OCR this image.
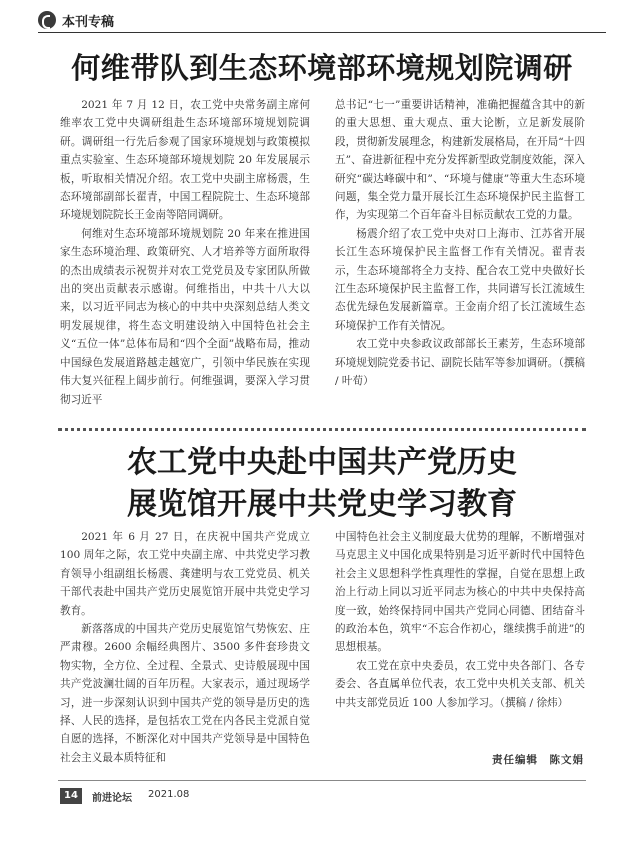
本刊专稿
何维带队到生态环境部环境规划院调研

2021 年 7 月 12 日，农工党中央常务副主席何维率农工党中央调研组赴生态环境部环境规划院调研。调研组一行先后参观了国家环境规划与政策模拟重点实验室、生态环境部环境规划院 20 年发展展示板，听取相关情况介绍。农工党中央副主席杨震，生态环境部副部长翟青，中国工程院院士、生态环境部环境规划院院长王金南等陪同调研。

何维对生态环境部环境规划院 20 年来在推进国家生态环境治理、政策研究、人才培养等方面所取得的杰出成绩表示祝贺并对农工党党员及专家团队所做出的突出贡献表示感谢。何维指出，中共十八大以来，以习近平同志为核心的中共中央深刻总结人类文明发展规律，将生态文明建设纳入中国特色社会主义“五位一体”总体布局和“四个全面”战略布局，推动中国绿色发展道路越走越宽广，引领中华民族在实现伟大复兴征程上阔步前行。何维强调，要深入学习贯彻习近平

总书记“七一”重要讲话精神，准确把握蕴含其中的新的重大思想、重大观点、重大论断，立足新发展阶段，贯彻新发展理念，构建新发展格局，在开局“十四五”、奋进新征程中充分发挥新型政党制度效能，深入研究“碳达峰碳中和”、“环境与健康”等重大生态环境问题，集全党力量开展长江生态环境保护民主监督工作，为实现第二个百年奋斗目标贡献农工党的力量。

杨震介绍了农工党中央对口上海市、江苏省开展长江生态环境保护民主监督工作有关情况。翟青表示，生态环境部将全力支持、配合农工党中央做好长江生态环境保护民主监督工作，共同谱写长江流域生态优先绿色发展新篇章。王金南介绍了长江流域生态环境保护工作有关情况。

农工党中央参政议政部部长王素芳，生态环境部环境规划院党委书记、副院长陆军等参加调研。（撰稿 / 叶荀）

农工党中央赴中国共产党历史
展览馆开展中共党史学习教育

2021 年 6 月 27 日，在庆祝中国共产党成立 100 周年之际，农工党中央副主席、中共党史学习教育领导小组副组长杨震、龚建明与农工党党员、机关干部代表赴中国共产党历史展览馆开展中共党史学习教育。

新落落成的中国共产党历史展览馆气势恢宏、庄严肃穆。2600 余幅经典图片、3500 多件套珍贵文物实物，全方位、全过程、全景式、史诗般展现中国共产党波澜壮阔的百年历程。大家表示，通过现场学习，进一步深刻认识到中国共产党的领导是历史的选择、人民的选择，是包括农工党在内各民主党派自觉自愿的选择，不断深化对中国共产党领导是中国特色社会主义最本质特征和

中国特色社会主义制度最大优势的理解，不断增强对马克思主义中国化成果特别是习近平新时代中国特色社会主义思想科学性真理性的掌握，自觉在思想上政治上行动上同以习近平同志为核心的中共中央保持高度一致，始终保持同中国共产党同心同德、团结奋斗的政治本色，筑牢“不忘合作初心，继续携手前进”的思想根基。

农工党在京中央委员，农工党中央各部门、各专委会、各直属单位代表，农工党中央机关支部、机关中共支部党员近 100 人参加学习。（撰稿 / 徐炜）

责任编辑　陈文娟
14	前进论坛 2021.08
